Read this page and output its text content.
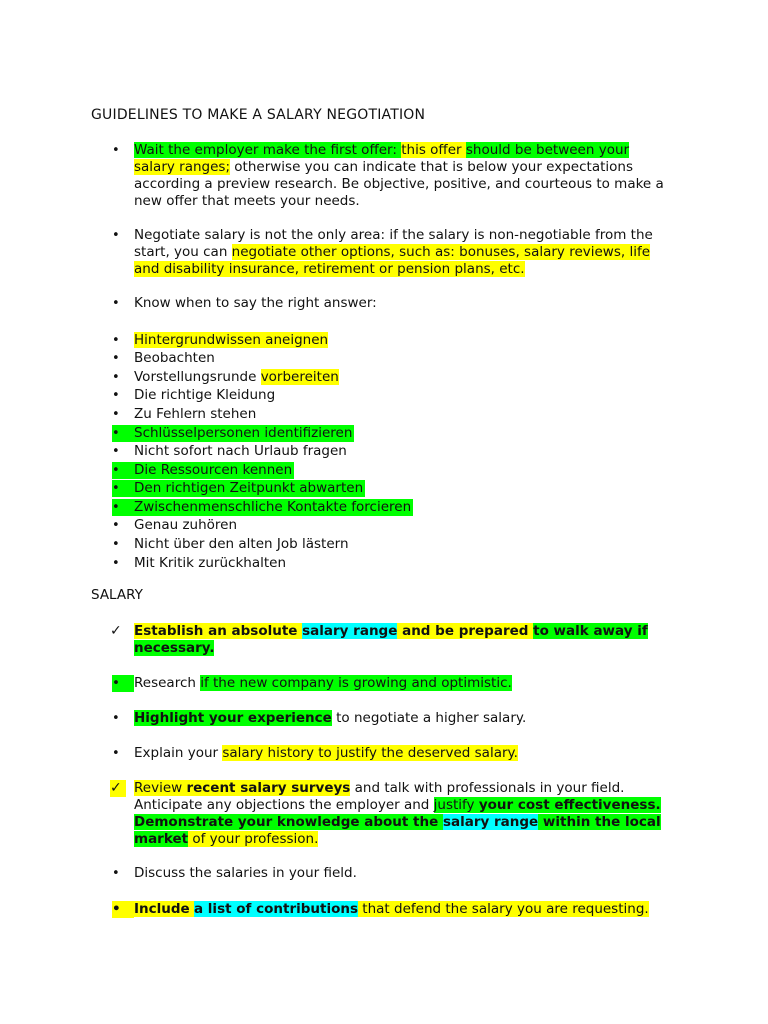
GUIDELINES TO MAKE A SALARY NEGOTIATION
•	Wait the employer make the first offer: this offer should be between your
salary ranges; otherwise you can indicate that is below your expectations
according a preview research. Be objective, positive, and courteous to make a
new offer that meets your needs.
•	Negotiate salary is not the only area: if the salary is non-negotiable from the
start, you can negotiate other options, such as: bonuses, salary reviews, life
and disability insurance, retirement or pension plans, etc.
•	Know when to say the right answer:
•	Hintergrundwissen aneignen
•	Beobachten
•	Vorstellungsrunde vorbereiten
•	Die richtige Kleidung
•	Zu Fehlern stehen
• Schlüsselpersonen identifizieren
•	Nicht sofort nach Urlaub fragen
• Die Ressourcen kennen
• Den richtigen Zeitpunkt abwarten
• Zwischenmenschliche Kontakte forcieren
•	Genau zuhören
•	Nicht über den alten Job lästern
•	Mit Kritik zurückhalten
SALARY
✓ Establish an absolute salary range and be prepared to walk away if
necessary.
•	Research if the new company is growing and optimistic.
•	Highlight your experience to negotiate a higher salary.
•	Explain your salary history to justify the deserved salary.
✓ Review recent salary surveys and talk with professionals in your field.
Anticipate any objections the employer and justify your cost effectiveness.
Demonstrate your knowledge about the salary range within the local
market of your profession.
•	Discuss the salaries in your field.
• Include a list of contributions that defend the salary you are requesting.
